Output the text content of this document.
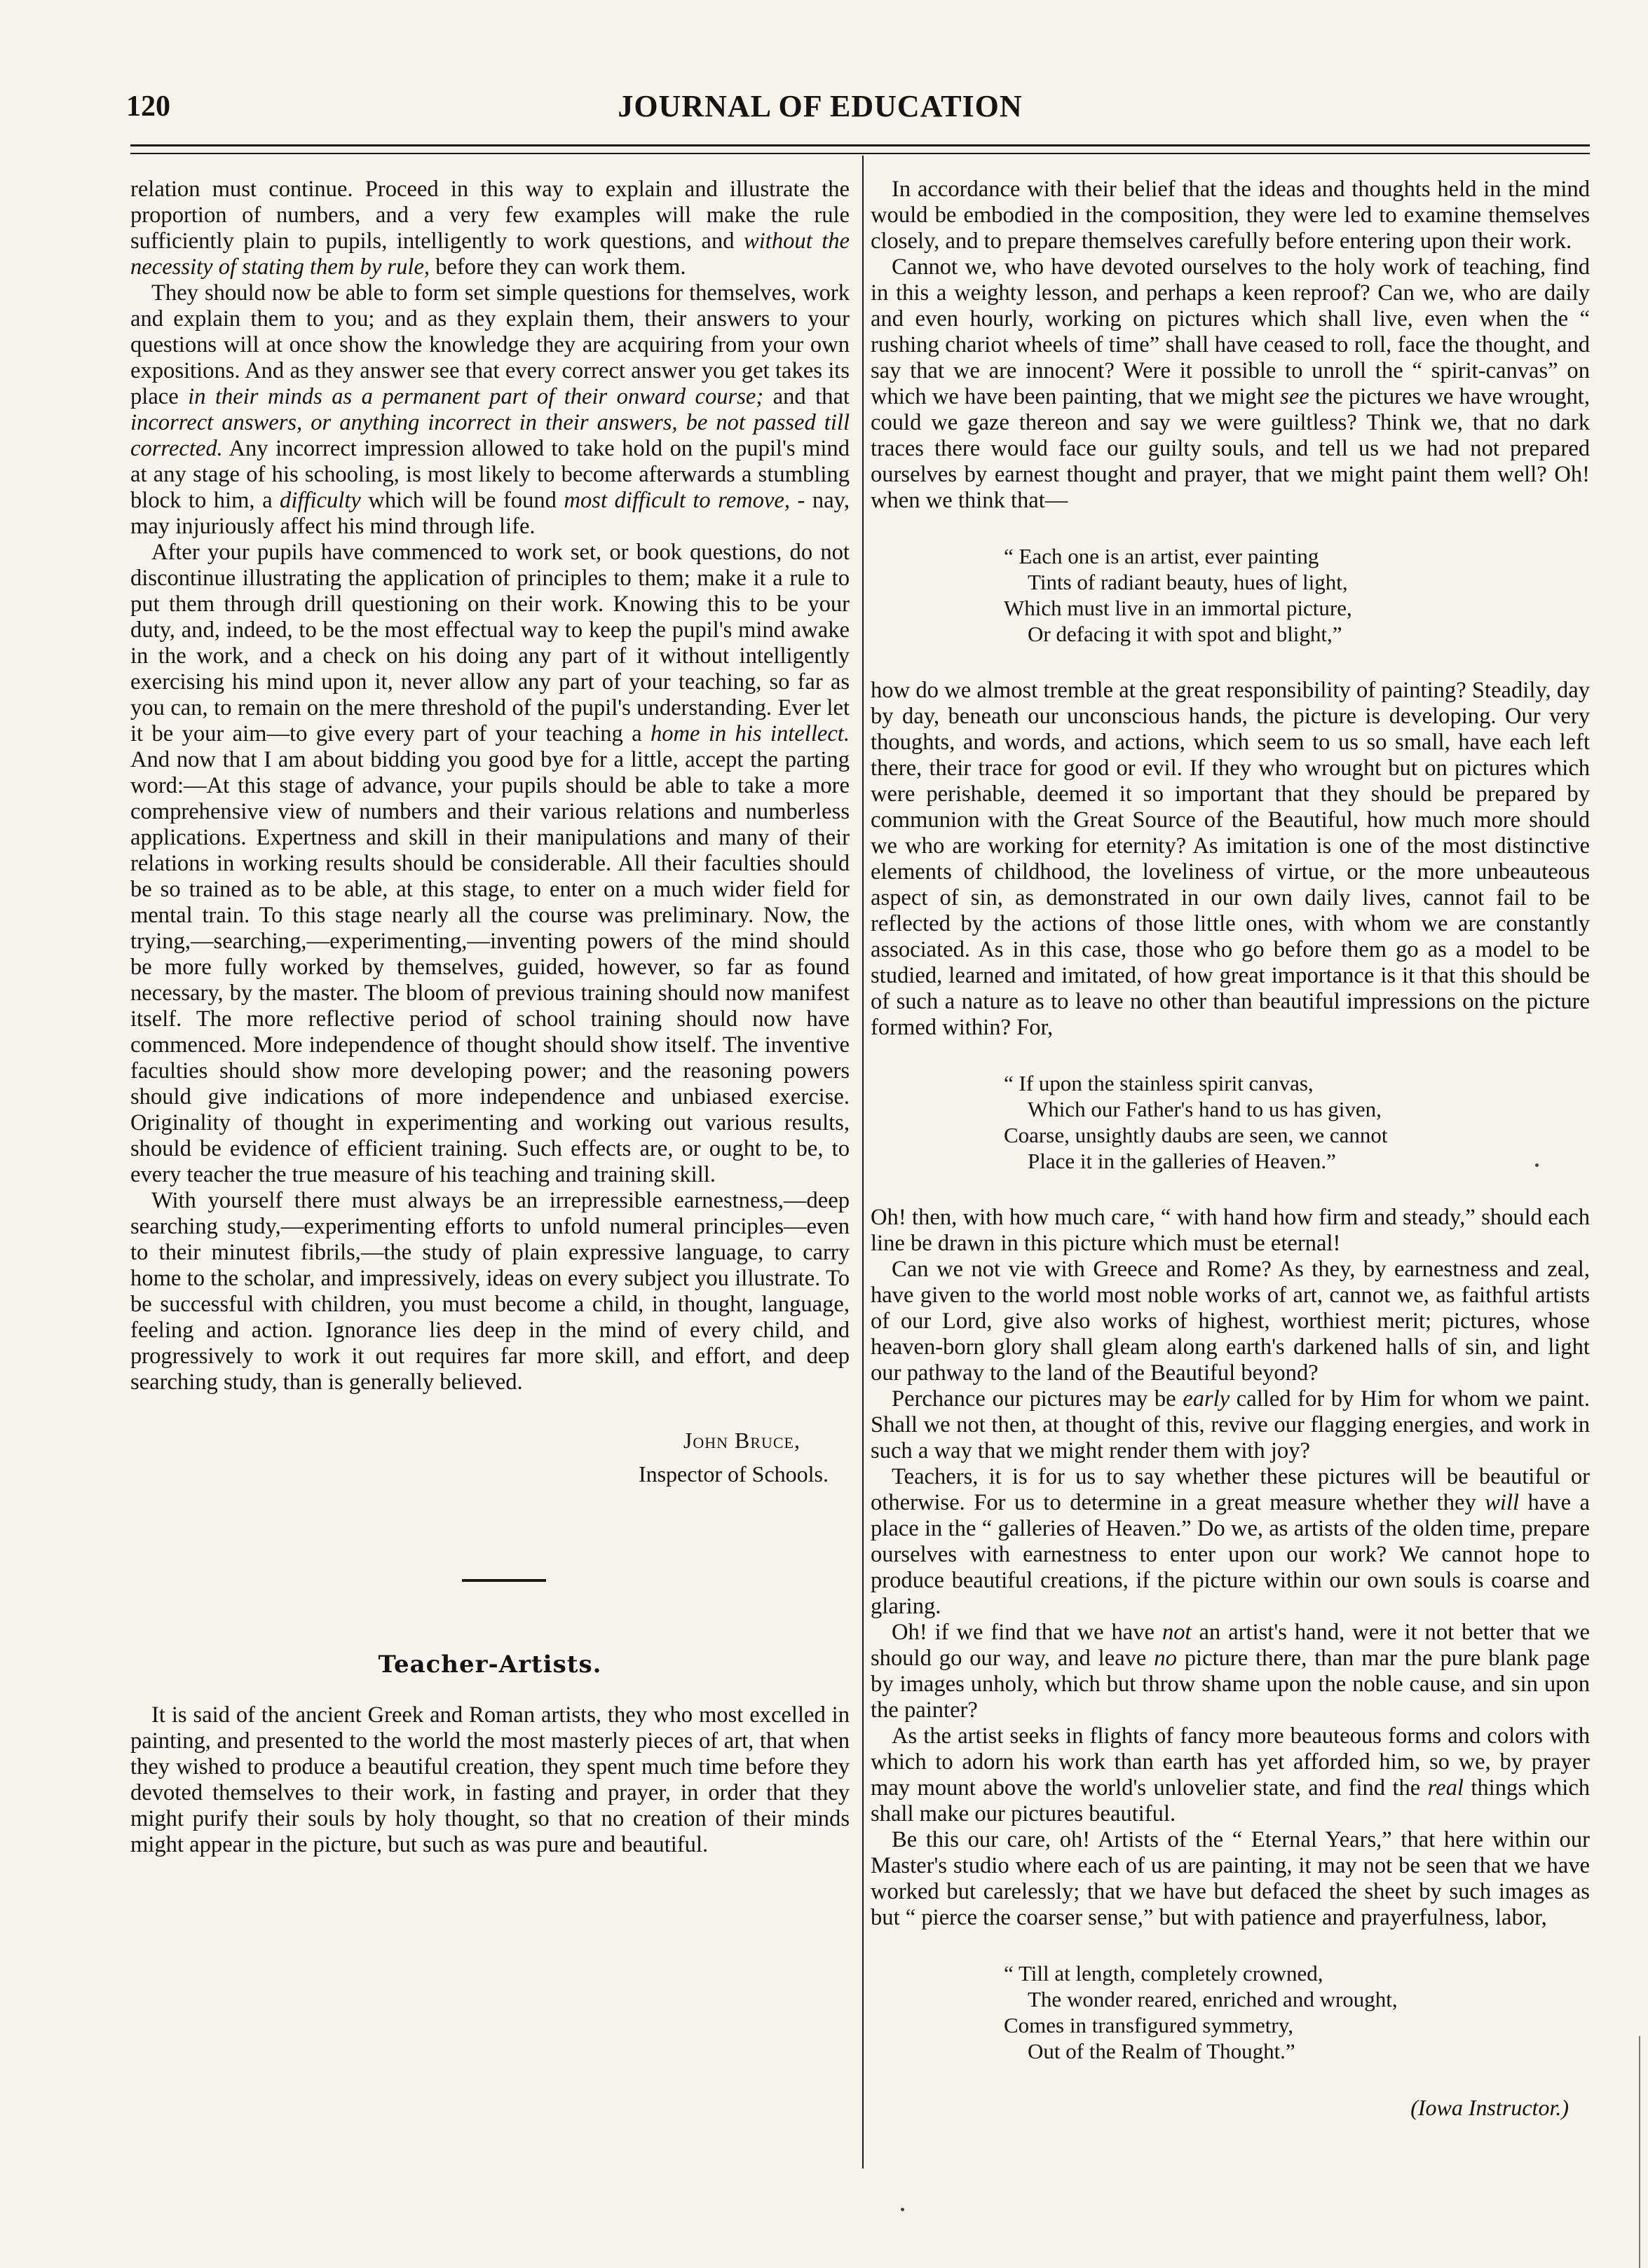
120	JOURNAL OF EDUCATION

relation must continue. Proceed in this way to explain and illustrate the proportion of numbers, and a very few examples will make the rule sufficiently plain to pupils, intelligently to work questions, and without the necessity of stating them by rule, before they can work them.

They should now be able to form set simple questions for themselves, work and explain them to you; and as they explain them, their answers to your questions will at once show the knowledge they are acquiring from your own expositions. And as they answer see that every correct answer you get takes its place in their minds as a permanent part of their onward course; and that incorrect answers, or anything incorrect in their answers, be not passed till corrected. Any incorrect impression allowed to take hold on the pupil's mind at any stage of his schooling, is most likely to become afterwards a stumbling block to him, a difficulty which will be found most difficult to remove, - nay, may injuriously affect his mind through life.

After your pupils have commenced to work set, or book questions, do not discontinue illustrating the application of principles to them; make it a rule to put them through drill questioning on their work. Knowing this to be your duty, and, indeed, to be the most effectual way to keep the pupil's mind awake in the work, and a check on his doing any part of it without intelligently exercising his mind upon it, never allow any part of your teaching, so far as you can, to remain on the mere threshold of the pupil's understanding. Ever let it be your aim—to give every part of your teaching a home in his intellect. And now that I am about bidding you good bye for a little, accept the parting word:—At this stage of advance, your pupils should be able to take a more comprehensive view of numbers and their various relations and numberless applications. Expertness and skill in their manipulations and many of their relations in working results should be considerable. All their faculties should be so trained as to be able, at this stage, to enter on a much wider field for mental train. To this stage nearly all the course was preliminary. Now, the trying,—searching,—experimenting,—inventing powers of the mind should be more fully worked by themselves, guided, however, so far as found necessary, by the master. The bloom of previous training should now manifest itself. The more reflective period of school training should now have commenced. More independence of thought should show itself. The inventive faculties should show more developing power; and the reasoning powers should give indications of more independence and unbiased exercise. Originality of thought in experimenting and working out various results, should be evidence of efficient training. Such effects are, or ought to be, to every teacher the true measure of his teaching and training skill.

With yourself there must always be an irrepressible earnestness,—deep searching study,—experimenting efforts to unfold numeral principles—even to their minutest fibrils,—the study of plain expressive language, to carry home to the scholar, and impressively, ideas on every subject you illustrate. To be successful with children, you must become a child, in thought, language, feeling and action. Ignorance lies deep in the mind of every child, and progressively to work it out requires far more skill, and effort, and deep searching study, than is generally believed.

John Bruce,
Inspector of Schools.
Teacher-Artists.

It is said of the ancient Greek and Roman artists, they who most excelled in painting, and presented to the world the most masterly pieces of art, that when they wished to produce a beautiful creation, they spent much time before they devoted themselves to their work, in fasting and prayer, in order that they might purify their souls by holy thought, so that no creation of their minds might appear in the picture, but such as was pure and beautiful.

In accordance with their belief that the ideas and thoughts held in the mind would be embodied in the composition, they were led to examine themselves closely, and to prepare themselves carefully before entering upon their work.

Cannot we, who have devoted ourselves to the holy work of teaching, find in this a weighty lesson, and perhaps a keen reproof? Can we, who are daily and even hourly, working on pictures which shall live, even when the “ rushing chariot wheels of time” shall have ceased to roll, face the thought, and say that we are innocent? Were it possible to unroll the “ spirit-canvas” on which we have been painting, that we might see the pictures we have wrought, could we gaze thereon and say we were guiltless? Think we, that no dark traces there would face our guilty souls, and tell us we had not prepared ourselves by earnest thought and prayer, that we might paint them well? Oh! when we think that—

“ Each one is an artist, ever painting
Tints of radiant beauty, hues of light,
Which must live in an immortal picture,
Or defacing it with spot and blight,”

how do we almost tremble at the great responsibility of painting? Steadily, day by day, beneath our unconscious hands, the picture is developing. Our very thoughts, and words, and actions, which seem to us so small, have each left there, their trace for good or evil. If they who wrought but on pictures which were perishable, deemed it so important that they should be prepared by communion with the Great Source of the Beautiful, how much more should we who are working for eternity? As imitation is one of the most distinctive elements of childhood, the loveliness of virtue, or the more unbeauteous aspect of sin, as demonstrated in our own daily lives, cannot fail to be reflected by the actions of those little ones, with whom we are constantly associated. As in this case, those who go before them go as a model to be studied, learned and imitated, of how great importance is it that this should be of such a nature as to leave no other than beautiful impressions on the picture formed within? For,

“ If upon the stainless spirit canvas,
Which our Father's hand to us has given,
Coarse, unsightly daubs are seen, we cannot
Place it in the galleries of Heaven.”

Oh! then, with how much care, “ with hand how firm and steady,” should each line be drawn in this picture which must be eternal!

Can we not vie with Greece and Rome? As they, by earnestness and zeal, have given to the world most noble works of art, cannot we, as faithful artists of our Lord, give also works of highest, worthiest merit; pictures, whose heaven-born glory shall gleam along earth's darkened halls of sin, and light our pathway to the land of the Beautiful beyond?

Perchance our pictures may be early called for by Him for whom we paint. Shall we not then, at thought of this, revive our flagging energies, and work in such a way that we might render them with joy?

Teachers, it is for us to say whether these pictures will be beautiful or otherwise. For us to determine in a great measure whether they will have a place in the “ galleries of Heaven.” Do we, as artists of the olden time, prepare ourselves with earnestness to enter upon our work? We cannot hope to produce beautiful creations, if the picture within our own souls is coarse and glaring.

Oh! if we find that we have not an artist's hand, were it not better that we should go our way, and leave no picture there, than mar the pure blank page by images unholy, which but throw shame upon the noble cause, and sin upon the painter?

As the artist seeks in flights of fancy more beauteous forms and colors with which to adorn his work than earth has yet afforded him, so we, by prayer may mount above the world's unlovelier state, and find the real things which shall make our pictures beautiful.

Be this our care, oh! Artists of the “ Eternal Years,” that here within our Master's studio where each of us are painting, it may not be seen that we have worked but carelessly; that we have but defaced the sheet by such images as but “ pierce the coarser sense,” but with patience and prayerfulness, labor,

“ Till at length, completely crowned,
The wonder reared, enriched and wrought,
Comes in transfigured symmetry,
Out of the Realm of Thought.”
(Iowa Instructor.)
